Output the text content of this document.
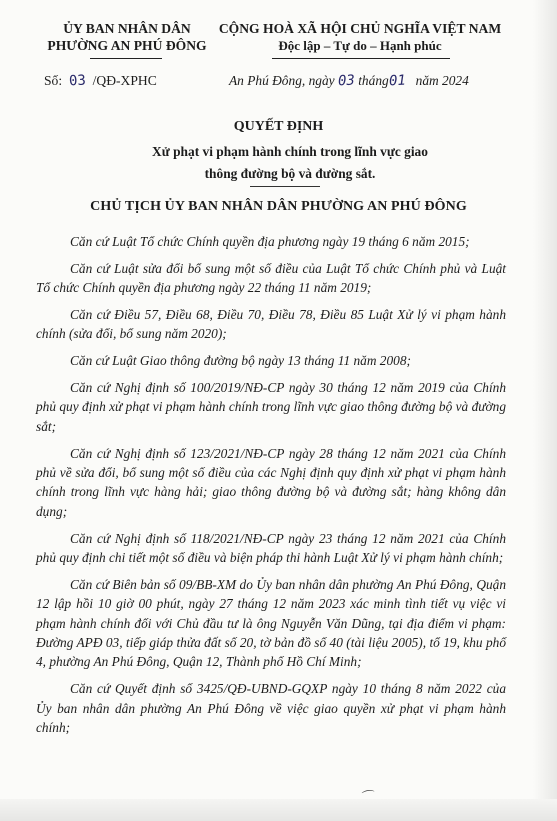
ỦY BAN NHÂN DÂN
PHƯỜNG AN PHÚ ĐÔNG
CỘNG HOÀ XÃ HỘI CHỦ NGHĨA VIỆT NAM
Độc lập – Tự do – Hạnh phúc
Số: 03 /QĐ-XPHC	An Phú Đông, ngày 03 tháng01 năm 2024
QUYẾT ĐỊNH
Xử phạt vi phạm hành chính trong lĩnh vực giao thông đường bộ và đường sắt.
CHỦ TỊCH ỦY BAN NHÂN DÂN PHƯỜNG AN PHÚ ĐÔNG

Căn cứ Luật Tổ chức Chính quyền địa phương ngày 19 tháng 6 năm 2015;

Căn cứ Luật sửa đổi bổ sung một số điều của Luật Tổ chức Chính phủ và Luật Tổ chức Chính quyền địa phương ngày 22 tháng 11 năm 2019;

Căn cứ Điều 57, Điều 68, Điều 70, Điều 78, Điều 85 Luật Xử lý vi phạm hành chính (sửa đổi, bổ sung năm 2020);

Căn cứ Luật Giao thông đường bộ ngày 13 tháng 11 năm 2008;

Căn cứ Nghị định số 100/2019/NĐ-CP ngày 30 tháng 12 năm 2019 của Chính phủ quy định xử phạt vi phạm hành chính trong lĩnh vực giao thông đường bộ và đường sắt;

Căn cứ Nghị định số 123/2021/NĐ-CP ngày 28 tháng 12 năm 2021 của Chính phủ về sửa đổi, bổ sung một số điều của các Nghị định quy định xử phạt vi phạm hành chính trong lĩnh vực hàng hải; giao thông đường bộ và đường sắt; hàng không dân dụng;

Căn cứ Nghị định số 118/2021/NĐ-CP ngày 23 tháng 12 năm 2021 của Chính phủ quy định chi tiết một số điều và biện pháp thi hành Luật Xử lý vi phạm hành chính;

Căn cứ Biên bản số 09/BB-XM do Ủy ban nhân dân phường An Phú Đông, Quận 12 lập hồi 10 giờ 00 phút, ngày 27 tháng 12 năm 2023 xác minh tình tiết vụ việc vi phạm hành chính đối với Chủ đầu tư là ông Nguyễn Văn Dũng, tại địa điểm vi phạm: Đường APĐ 03, tiếp giáp thửa đất số 20, tờ bản đồ số 40 (tài liệu 2005), tổ 19, khu phố 4, phường An Phú Đông, Quận 12, Thành phố Hồ Chí Minh;

Căn cứ Quyết định số 3425/QĐ-UBND-GQXP ngày 10 tháng 8 năm 2022 của Ủy ban nhân dân phường An Phú Đông về việc giao quyền xử phạt vi phạm hành chính;

⌒
